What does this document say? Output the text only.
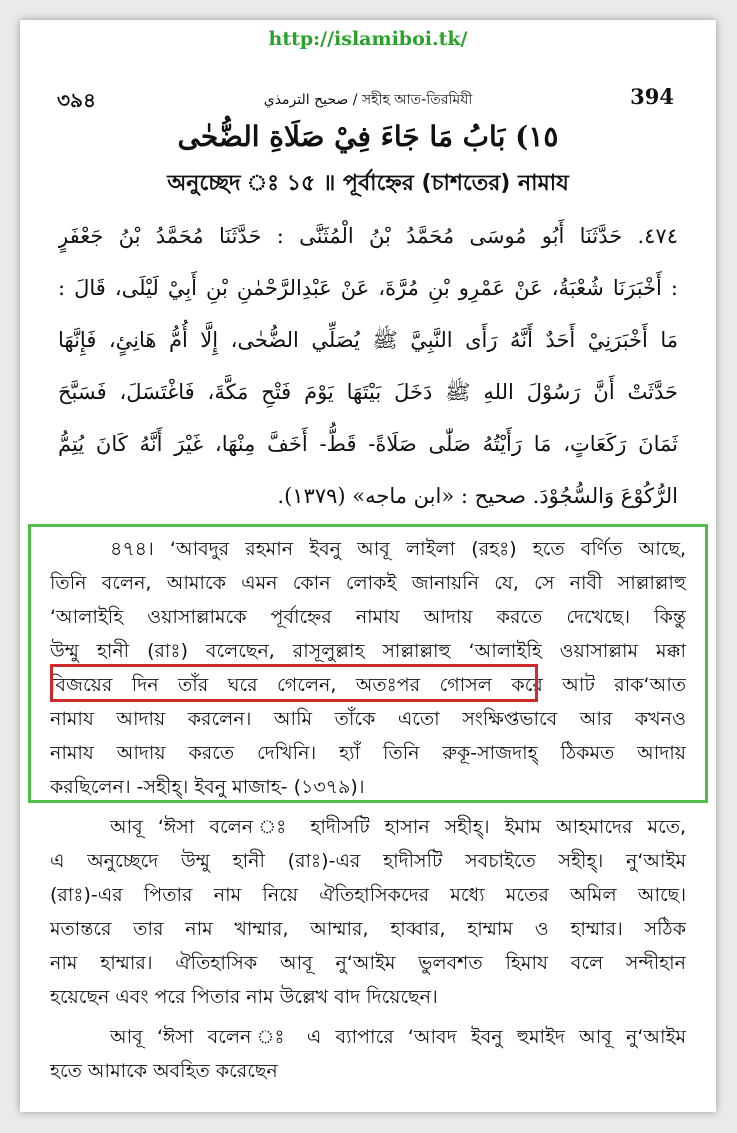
http://islamiboi.tk/
৩৯৪	صحيح الترمذي / সহীহ আত-তিরমিযী	394
١٥) بَابُ مَا جَاءَ فِيْ صَلَاةِ الضُّحٰى
অনুচ্ছেদ ঃ ১৫ ॥ পূর্বাহ্নের (চাশতের) নামায
٤٧٤. حَدَّثَنَا أَبُو مُوسَى مُحَمَّدُ بْنُ الْمُثَنَّى : حَدَّثَنَا مُحَمَّدُ بْنُ جَعْفَرٍ
: أَخْبَرَنَا شُعْبَةُ، عَنْ عَمْرِو بْنِ مُرَّةَ، عَنْ عَبْدِالرَّحْمٰنِ بْنِ أَبِيْ لَيْلَى، قَالَ :
مَا أَخْبَرَنِيْ أَحَدٌ أَنَّهُ رَأَى النَّبِيَّ ﷺ يُصَلِّي الضُّحٰى، إِلَّا أُمُّ هَانِئٍ، فَإِنَّهَا
حَدَّثَتْ أَنَّ رَسُوْلَ اللهِ ﷺ دَخَلَ بَيْتَهَا يَوْمَ فَتْحِ مَكَّةَ، فَاغْتَسَلَ، فَسَبَّحَ
ثَمَانَ رَكَعَاتٍ، مَا رَأَيْتُهُ صَلّٰى صَلَاةً- قَطُّ- أَخَفَّ مِنْهَا، غَيْرَ أَنَّهُ كَانَ يُتِمُّ
الرُّكُوْعَ وَالسُّجُوْدَ. صحيح : «ابن ماجه» (١٣٧٩).
৪৭৪। ‘আবদুর রহমান ইবনু আবূ লাইলা (রহঃ) হতে বর্ণিত আছে,
তিনি বলেন, আমাকে এমন কোন লোকই জানায়নি যে, সে নাবী সাল্লাল্লাহু
‘আলাইহি ওয়াসাল্লামকে পূর্বাহ্নের নামায আদায় করতে দেখেছে। কিন্তু
উম্মু হানী (রাঃ) বলেছেন, রাসূলুল্লাহ সাল্লাল্লাহু ‘আলাইহি ওয়াসাল্লাম মক্কা
বিজয়ের দিন তাঁর ঘরে গেলেন, অতঃপর গোসল করে আট রাক‘আত
নামায আদায় করলেন। আমি তাঁকে এতো সংক্ষিপ্তভাবে আর কখনও
নামায আদায় করতে দেখিনি। হ্যাঁ তিনি রুকূ-সাজদাহ্ ঠিকমত আদায়
করছিলেন। -সহীহ্। ইবনু মাজাহ- (১৩৭৯)।
আবূ ‘ঈসা বলেন ঃ হাদীসটি হাসান সহীহ্। ইমাম আহমাদের মতে,
এ অনুচ্ছেদে উম্মু হানী (রাঃ)-এর হাদীসটি সবচাইতে সহীহ্। নু‘আইম
(রাঃ)-এর পিতার নাম নিয়ে ঐতিহাসিকদের মধ্যে মতের অমিল আছে।
মতান্তরে তার নাম খাম্মার, আম্মার, হাব্বার, হাম্মাম ও হাম্মার। সঠিক
নাম হাম্মার। ঐতিহাসিক আবূ নু‘আইম ভুলবশত হিমায বলে সন্দীহান
হয়েছেন এবং পরে পিতার নাম উল্লেখ বাদ দিয়েছেন।
আবূ ‘ঈসা বলেন ঃ এ ব্যাপারে ‘আবদ ইবনু হুমাইদ আবূ নু‘আইম
হতে আমাকে অবহিত করেছেন
